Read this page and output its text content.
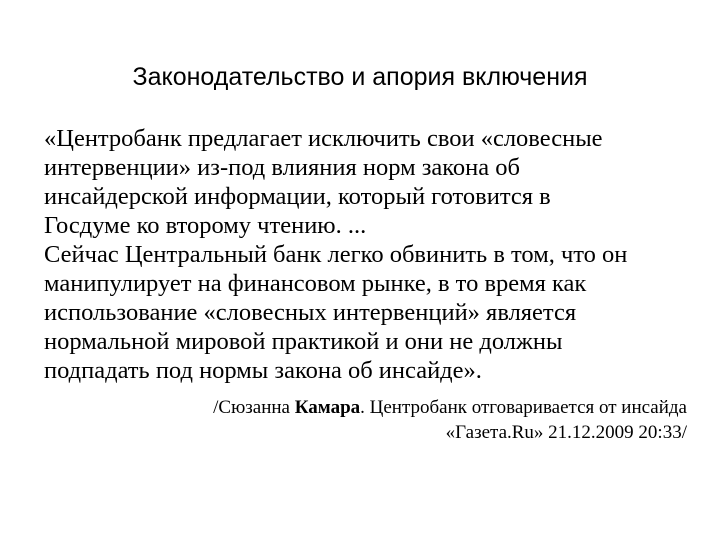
Законодательство и апория включения
«Центробанк предлагает исключить свои «словесные
интервенции» из-под влияния норм закона об
инсайдерской информации, который готовится в
Госдуме ко второму чтению. ...
Сейчас Центральный банк легко обвинить в том, что он
манипулирует на финансовом рынке, в то время как
использование «словесных интервенций» является
нормальной мировой практикой и они не должны
подпадать под нормы закона об инсайде».
/Сюзанна Камара. Центробанк отговаривается от инсайда
«Газета.Ru» 21.12.2009 20:33/
